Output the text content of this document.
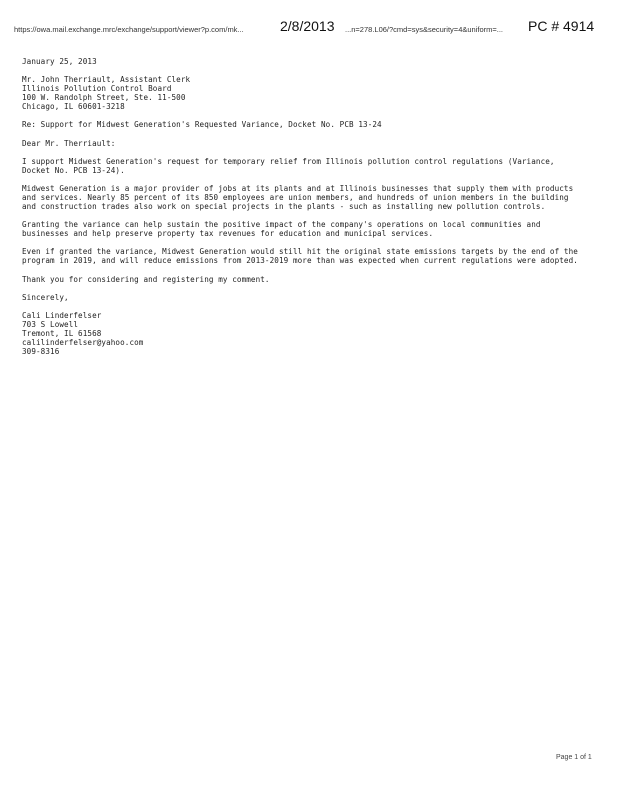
https://owa.mail.exchange.mrc/exchange/support/viewer?p.com/mk...	2/8/2013 ...n=278.L06/?cmd=sys&security=4&uniform=... PC # 4914

January 25, 2013

Mr. John Therriault, Assistant Clerk
Illinois Pollution Control Board
100 W. Randolph Street, Ste. 11-500
Chicago, IL 60601-3218

Re: Support for Midwest Generation's Requested Variance, Docket No. PCB 13-24

Dear Mr. Therriault:

I support Midwest Generation's request for temporary relief from Illinois pollution control regulations (Variance, Docket No. PCB 13-24).

Midwest Generation is a major provider of jobs at its plants and at Illinois businesses that supply them with products and services. Nearly 85 percent of its 850 employees are union members, and hundreds of union members in the building and construction trades also work on special projects in the plants - such as installing new pollution controls.

Granting the variance can help sustain the positive impact of the company's operations on local communities and businesses and help preserve property tax revenues for education and municipal services.

Even if granted the variance, Midwest Generation would still hit the original state emissions targets by the end of the program in 2019, and will reduce emissions from 2013-2019 more than was expected when current regulations were adopted.

Thank you for considering and registering my comment.

Sincerely,

Cali Linderfelser
703 S Lowell
Tremont, IL 61568
calilinderfelser@yahoo.com
309-8316

Page 1 of 1
